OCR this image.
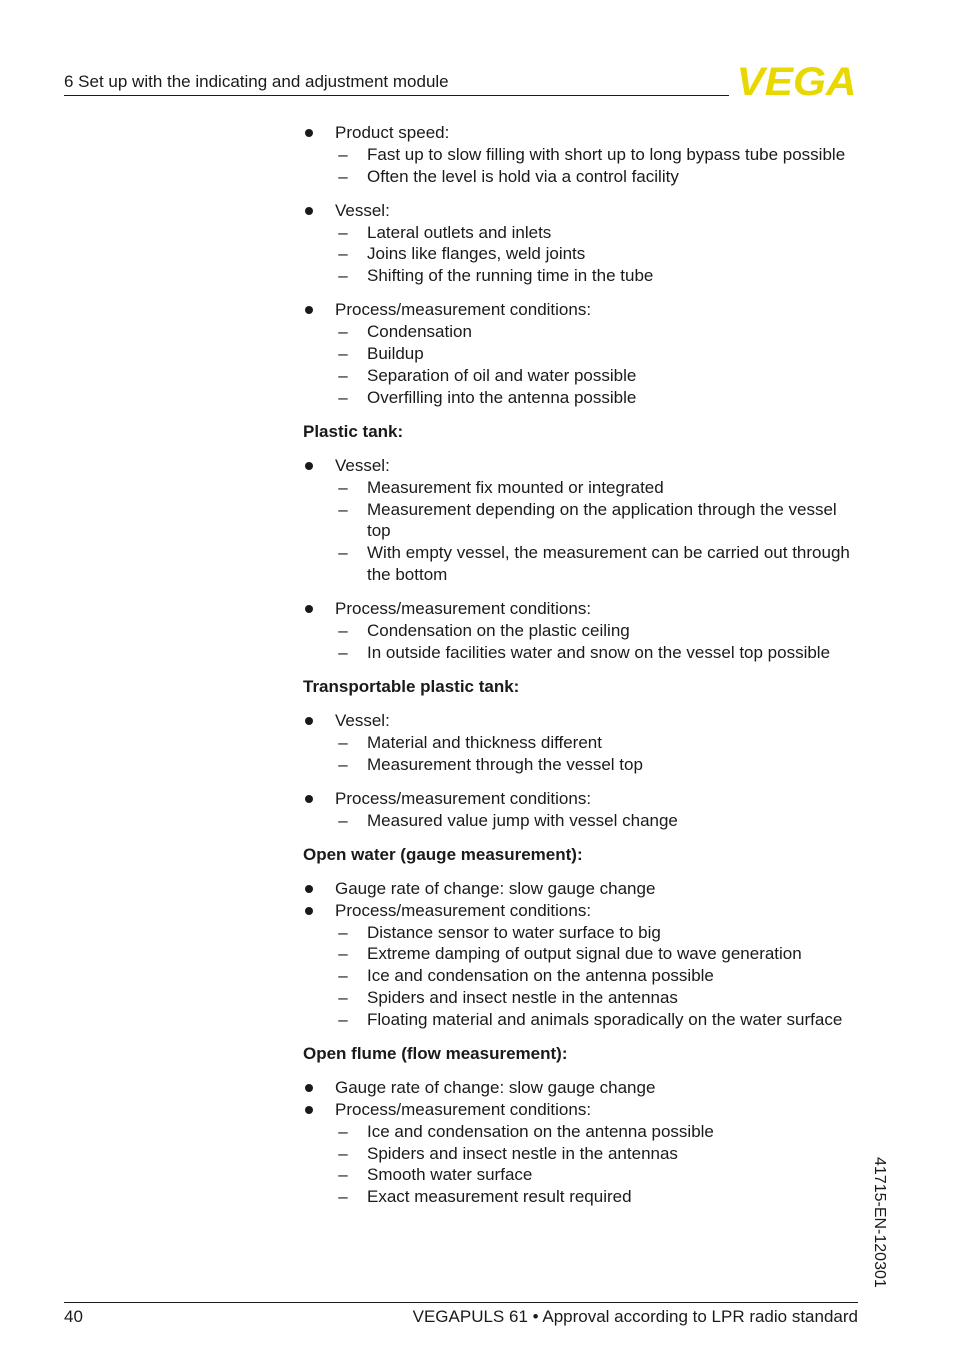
6 Set up with the indicating and adjustment module	VEGA
Product speed:
– Fast up to slow filling with short up to long bypass tube possible
– Often the level is hold via a control facility
Vessel:
– Lateral outlets and inlets
– Joins like flanges, weld joints
– Shifting of the running time in the tube
Process/measurement conditions:
– Condensation
– Buildup
– Separation of oil and water possible
– Overfilling into the antenna possible
Plastic tank:
Vessel:
– Measurement fix mounted or integrated
– Measurement depending on the application through the vessel top
– With empty vessel, the measurement can be carried out through the bottom
Process/measurement conditions:
– Condensation on the plastic ceiling
– In outside facilities water and snow on the vessel top possible
Transportable plastic tank:
Vessel:
– Material and thickness different
– Measurement through the vessel top
Process/measurement conditions:
– Measured value jump with vessel change
Open water (gauge measurement):
Gauge rate of change: slow gauge change
Process/measurement conditions:
– Distance sensor to water surface to big
– Extreme damping of output signal due to wave generation
– Ice and condensation on the antenna possible
– Spiders and insect nestle in the antennas
– Floating material and animals sporadically on the water surface
Open flume (flow measurement):
Gauge rate of change: slow gauge change
Process/measurement conditions:
– Ice and condensation on the antenna possible
– Spiders and insect nestle in the antennas
– Smooth water surface
– Exact measurement result required
40	VEGAPULS 61 • Approval according to LPR radio standard
41715-EN-120301
